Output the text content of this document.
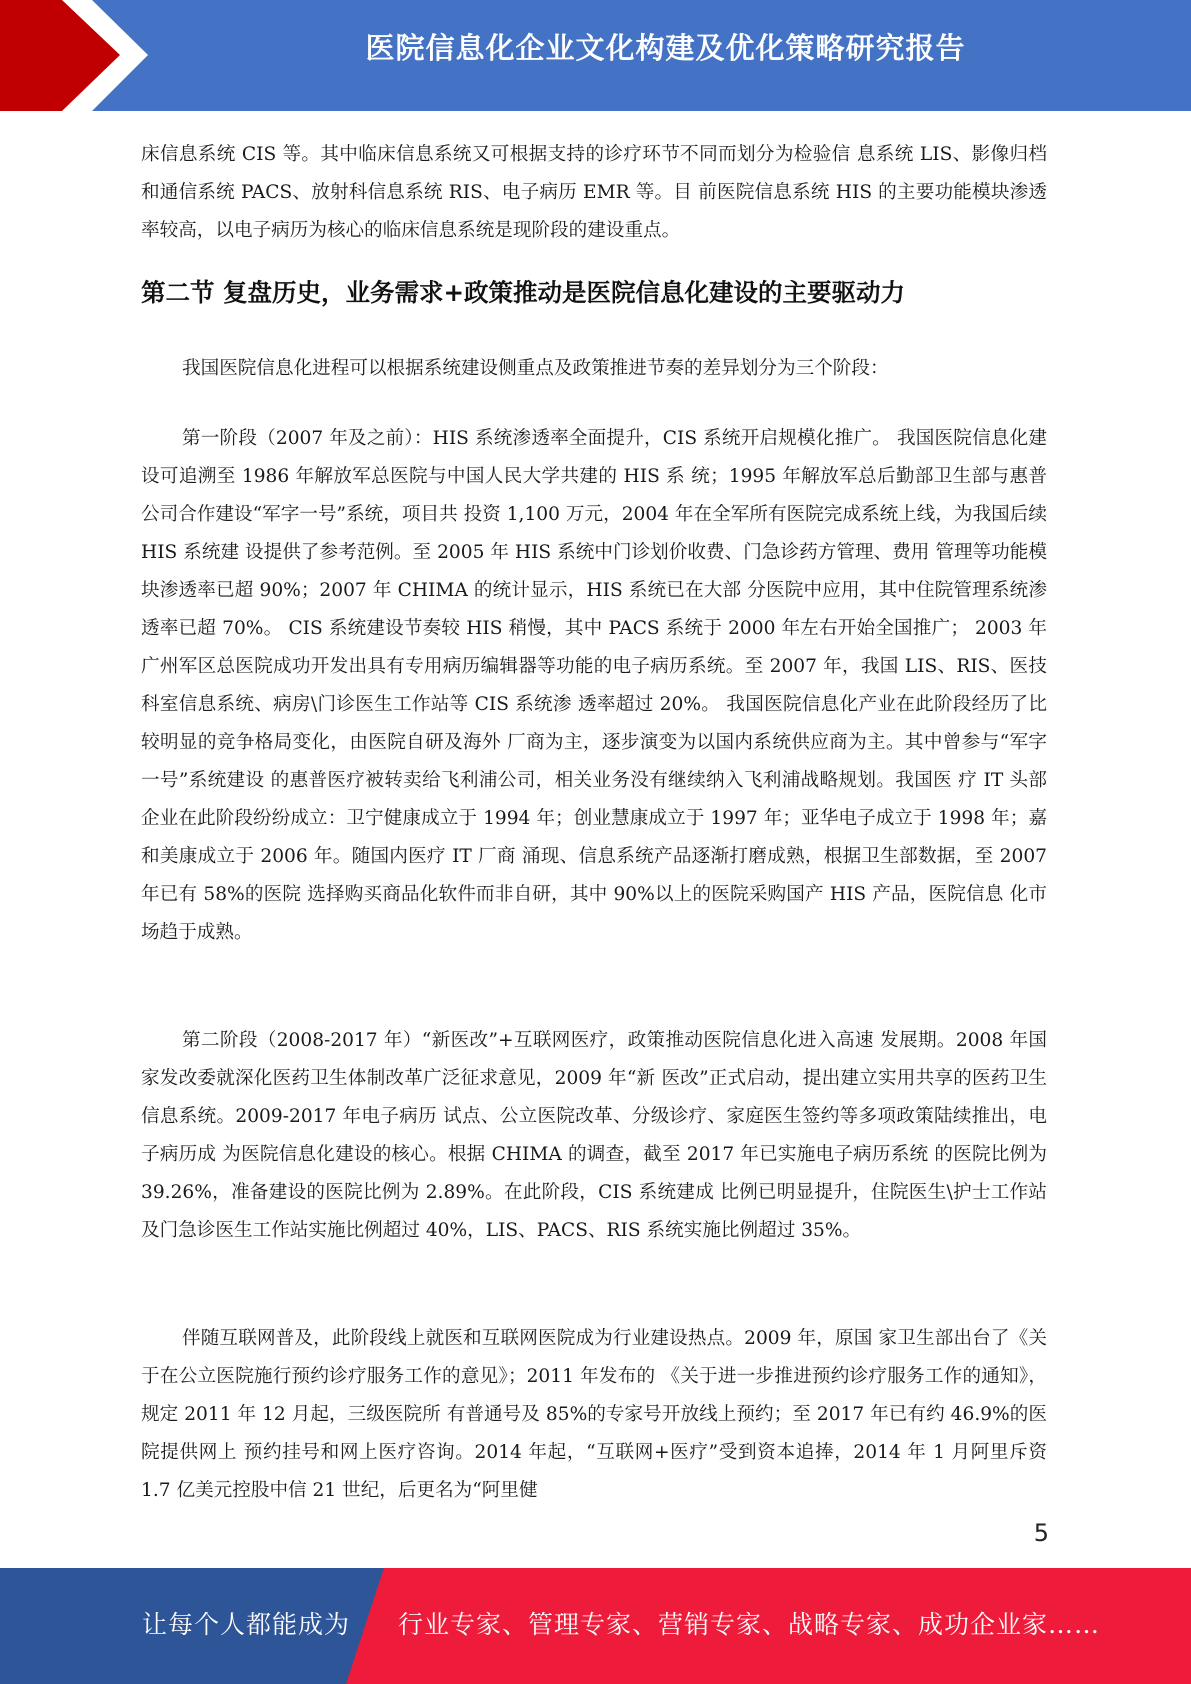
医院信息化企业文化构建及优化策略研究报告

床信息系统 CIS 等。其中临床信息系统又可根据支持的诊疗环节不同而划分为检验信 息系统 LIS、影像归档和通信系统 PACS、放射科信息系统 RIS、电子病历 EMR 等。目 前医院信息系统 HIS 的主要功能模块渗透率较高，以电子病历为核心的临床信息系统是现阶段的建设重点。

第二节 复盘历史，业务需求+政策推动是医院信息化建设的主要驱动力

我国医院信息化进程可以根据系统建设侧重点及政策推进节奏的差异划分为三个阶段：

第一阶段（2007 年及之前）：HIS 系统渗透率全面提升，CIS 系统开启规模化推广。 我国医院信息化建设可追溯至 1986 年解放军总医院与中国人民大学共建的 HIS 系 统；1995 年解放军总后勤部卫生部与惠普公司合作建设“军字一号”系统，项目共 投资 1,100 万元，2004 年在全军所有医院完成系统上线，为我国后续 HIS 系统建 设提供了参考范例。至 2005 年 HIS 系统中门诊划价收费、门急诊药方管理、费用 管理等功能模块渗透率已超 90%；2007 年 CHIMA 的统计显示，HIS 系统已在大部 分医院中应用，其中住院管理系统渗透率已超 70%。 CIS 系统建设节奏较 HIS 稍慢，其中 PACS 系统于 2000 年左右开始全国推广； 2003 年广州军区总医院成功开发出具有专用病历编辑器等功能的电子病历系统。至 2007 年，我国 LIS、RIS、医技科室信息系统、病房\门诊医生工作站等 CIS 系统渗 透率超过 20%。 我国医院信息化产业在此阶段经历了比较明显的竞争格局变化，由医院自研及海外 厂商为主，逐步演变为以国内系统供应商为主。其中曾参与“军字一号”系统建设 的惠普医疗被转卖给飞利浦公司，相关业务没有继续纳入飞利浦战略规划。我国医 疗 IT 头部企业在此阶段纷纷成立：卫宁健康成立于 1994 年；创业慧康成立于 1997 年；亚华电子成立于 1998 年；嘉和美康成立于 2006 年。随国内医疗 IT 厂商 涌现、信息系统产品逐渐打磨成熟，根据卫生部数据，至 2007 年已有 58%的医院 选择购买商品化软件而非自研，其中 90%以上的医院采购国产 HIS 产品，医院信息 化市场趋于成熟。

第二阶段（2008-2017 年）“新医改”+互联网医疗，政策推动医院信息化进入高速 发展期。2008 年国家发改委就深化医药卫生体制改革广泛征求意见，2009 年“新 医改”正式启动，提出建立实用共享的医药卫生信息系统。2009-2017 年电子病历 试点、公立医院改革、分级诊疗、家庭医生签约等多项政策陆续推出，电子病历成 为医院信息化建设的核心。根据 CHIMA 的调查，截至 2017 年已实施电子病历系统 的医院比例为 39.26%，准备建设的医院比例为 2.89%。在此阶段，CIS 系统建成 比例已明显提升，住院医生\护士工作站及门急诊医生工作站实施比例超过 40%，LIS、PACS、RIS 系统实施比例超过 35%。

伴随互联网普及，此阶段线上就医和互联网医院成为行业建设热点。2009 年，原国 家卫生部出台了《关于在公立医院施行预约诊疗服务工作的意见》；2011 年发布的 《关于进一步推进预约诊疗服务工作的通知》，规定 2011 年 12 月起，三级医院所 有普通号及 85%的专家号开放线上预约；至 2017 年已有约 46.9%的医院提供网上 预约挂号和网上医疗咨询。2014 年起，“互联网+医疗”受到资本追捧，2014 年 1 月阿里斥资 1.7 亿美元控股中信 21 世纪，后更名为“阿里健

5
让每个人都能成为 行业专家、管理专家、营销专家、战略专家、成功企业家……
